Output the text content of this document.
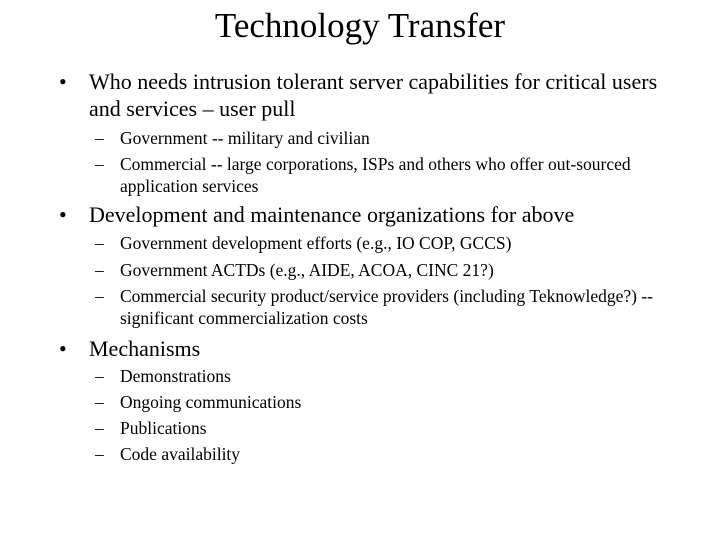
Technology Transfer
•	Who needs intrusion tolerant server capabilities for critical users and services – user pull
– Government -- military and civilian
– Commercial -- large corporations, ISPs and others who offer out-sourced application services
•	Development and maintenance organizations for above
– Government development efforts (e.g., IO COP, GCCS)
– Government ACTDs (e.g., AIDE, ACOA, CINC 21?)
– Commercial security product/service providers (including Teknowledge?) -- significant commercialization costs
•	Mechanisms
– Demonstrations
– Ongoing communications
– Publications
– Code availability
